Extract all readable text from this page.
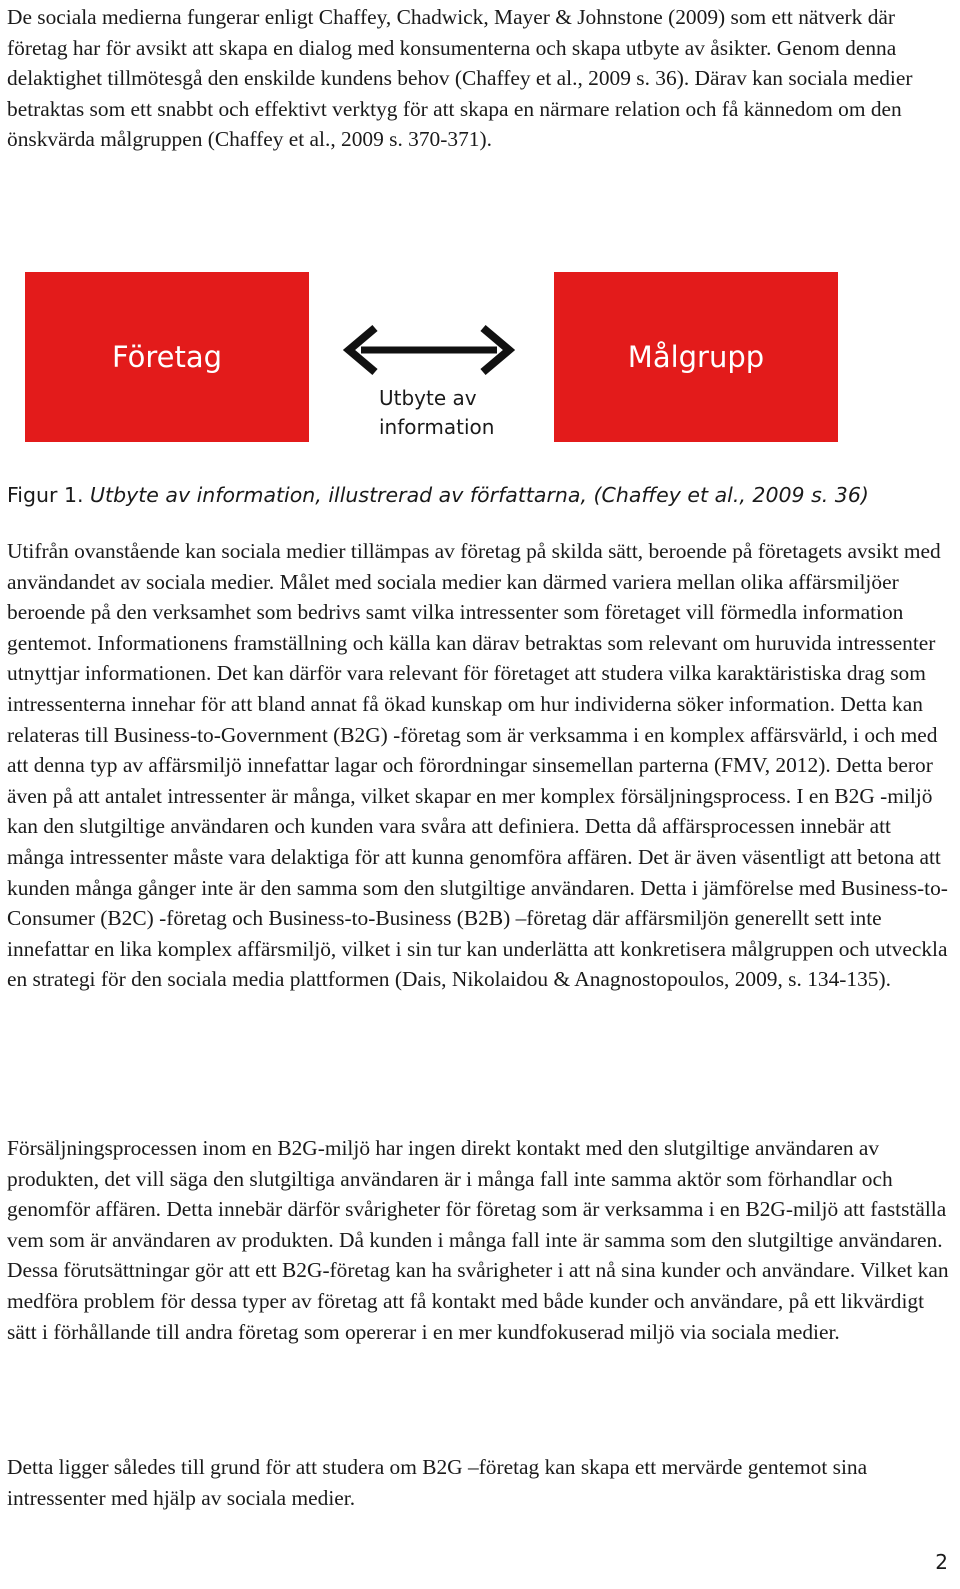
De sociala medierna fungerar enligt Chaffey, Chadwick, Mayer & Johnstone (2009) som ett nätverk där företag har för avsikt att skapa en dialog med konsumenterna och skapa utbyte av åsikter. Genom denna delaktighet tillmötesgå den enskilde kundens behov (Chaffey et al., 2009 s. 36). Därav kan sociala medier betraktas som ett snabbt och effektivt verktyg för att skapa en närmare relation och få kännedom om den önskvärda målgruppen (Chaffey et al., 2009 s. 370-371).

Företag
Utbyte av
information
Målgrupp
Figur 1. Utbyte av information, illustrerad av författarna, (Chaffey et al., 2009 s. 36)

Utifrån ovanstående kan sociala medier tillämpas av företag på skilda sätt, beroende på företagets avsikt med användandet av sociala medier. Målet med sociala medier kan därmed variera mellan olika affärsmiljöer beroende på den verksamhet som bedrivs samt vilka intressenter som företaget vill förmedla information gentemot. Informationens framställning och källa kan därav betraktas som relevant om huruvida intressenter utnyttjar informationen. Det kan därför vara relevant för företaget att studera vilka karaktäristiska drag som intressenterna innehar för att bland annat få ökad kunskap om hur individerna söker information. Detta kan relateras till Business-to-Government (B2G) -företag som är verksamma i en komplex affärsvärld, i och med att denna typ av affärsmiljö innefattar lagar och förordningar sinsemellan parterna (FMV, 2012). Detta beror även på att antalet intressenter är många, vilket skapar en mer komplex försäljningsprocess. I en B2G -miljö kan den slutgiltige användaren och kunden vara svåra att definiera. Detta då affärsprocessen innebär att många intressenter måste vara delaktiga för att kunna genomföra affären. Det är även väsentligt att betona att kunden många gånger inte är den samma som den slutgiltige användaren. Detta i jämförelse med Business-to-Consumer (B2C) -företag och Business-to-Business (B2B) –företag där affärsmiljön generellt sett inte innefattar en lika komplex affärsmiljö, vilket i sin tur kan underlätta att konkretisera målgruppen och utveckla en strategi för den sociala media plattformen (Dais, Nikolaidou & Anagnostopoulos, 2009, s. 134-135).

Försäljningsprocessen inom en B2G-miljö har ingen direkt kontakt med den slutgiltige användaren av produkten, det vill säga den slutgiltiga användaren är i många fall inte samma aktör som förhandlar och genomför affären. Detta innebär därför svårigheter för företag som är verksamma i en B2G-miljö att fastställa vem som är användaren av produkten. Då kunden i många fall inte är samma som den slutgiltige användaren. Dessa förutsättningar gör att ett B2G-företag kan ha svårigheter i att nå sina kunder och användare. Vilket kan medföra problem för dessa typer av företag att få kontakt med både kunder och användare, på ett likvärdigt sätt i förhållande till andra företag som opererar i en mer kundfokuserad miljö via sociala medier.

Detta ligger således till grund för att studera om B2G –företag kan skapa ett mervärde gentemot sina intressenter med hjälp av sociala medier.

2
